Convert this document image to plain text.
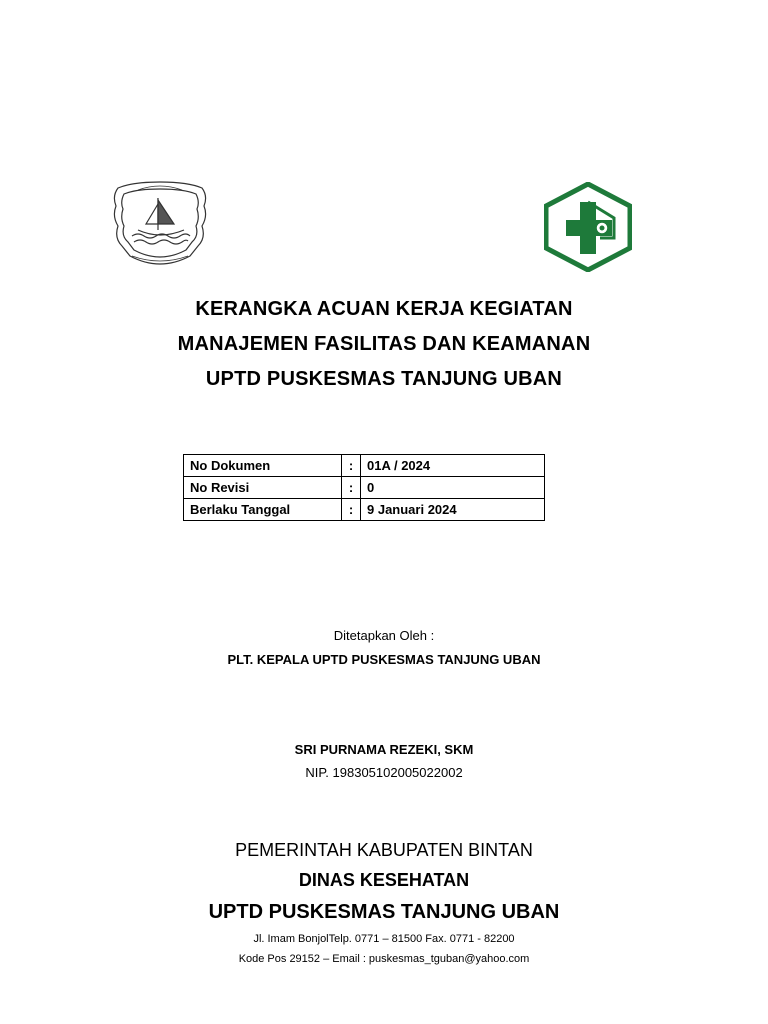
KERANGKA ACUAN KERJA KEGIATAN
MANAJEMEN FASILITAS DAN KEAMANAN
UPTD PUSKESMAS TANJUNG UBAN
No Dokumen	:	01A / 2024
No Revisi	:	0
Berlaku Tanggal	:	9 Januari 2024
Ditetapkan Oleh :
PLT. KEPALA UPTD PUSKESMAS TANJUNG UBAN
SRI PURNAMA REZEKI, SKM
NIP. 198305102005022002
PEMERINTAH KABUPATEN BINTAN
DINAS KESEHATAN
UPTD PUSKESMAS TANJUNG UBAN
Jl. Imam BonjolTelp. 0771 – 81500 Fax. 0771 - 82200
Kode Pos 29152 – Email : puskesmas_tguban@yahoo.com
